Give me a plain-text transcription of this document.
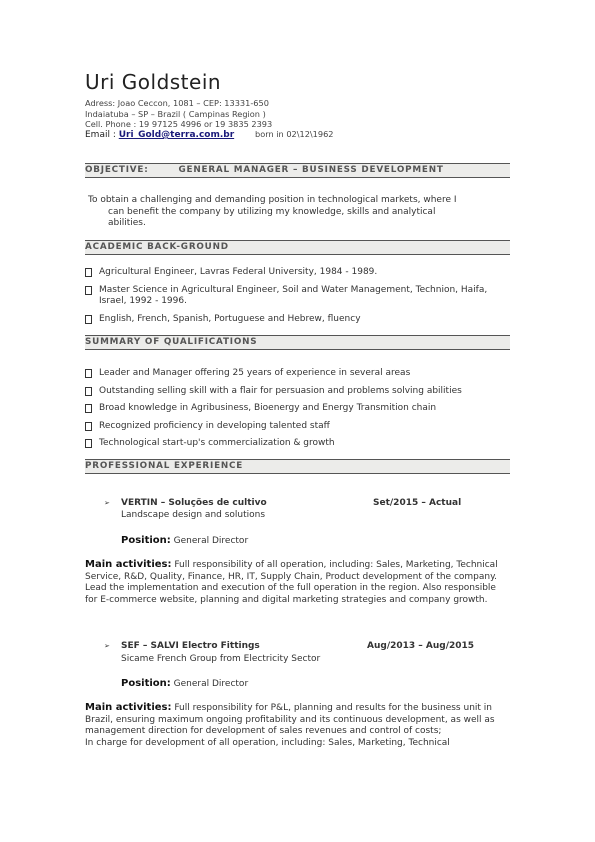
Uri Goldstein
Adress: Joao Ceccon, 1081 – CEP: 13331-650
Indaiatuba – SP – Brazil ( Campinas Region )
Cell. Phone : 19 97125 4996 or 19 3835 2393
Email : Uri_Gold@terra.com.br	born in 02\12\1962
OBJECTIVE:	GENERAL MANAGER – BUSINESS DEVELOPMENT
To obtain a challenging and demanding position in technological markets, where I
can benefit the company by utilizing my knowledge, skills and analytical
abilities.
ACADEMIC BACK-GROUND
Agricultural Engineer, Lavras Federal University, 1984 - 1989.
Master Science in Agricultural Engineer, Soil and Water Management, Technion, Haifa, Israel, 1992 - 1996.
English, French, Spanish, Portuguese and Hebrew, fluency
SUMMARY OF QUALIFICATIONS
Leader and Manager offering 25 years of experience in several areas
Outstanding selling skill with a flair for persuasion and problems solving abilities
Broad knowledge in Agribusiness, Bioenergy and Energy Transmition chain
Recognized proficiency in developing talented staff
Technological start-up's commercialization & growth
PROFESSIONAL EXPERIENCE
➢ VERTIN – Soluções de cultivo	Set/2015 – Actual
Landscape design and solutions
Position: General Director
Main activities: Full responsibility of all operation, including: Sales, Marketing, Technical Service, R&D, Quality, Finance, HR, IT, Supply Chain, Product development of the company. Lead the implementation and execution of the full operation in the region. Also responsible for E-commerce website, planning and digital marketing strategies and company growth.
➢ SEF – SALVI Electro Fittings	Aug/2013 – Aug/2015
Sicame French Group from Electricity Sector
Position: General Director
Main activities: Full responsibility for P&L, planning and results for the business unit in Brazil, ensuring maximum ongoing profitability and its continuous development, as well as management direction for development of sales revenues and control of costs;
In charge for development of all operation, including: Sales, Marketing, Technical
